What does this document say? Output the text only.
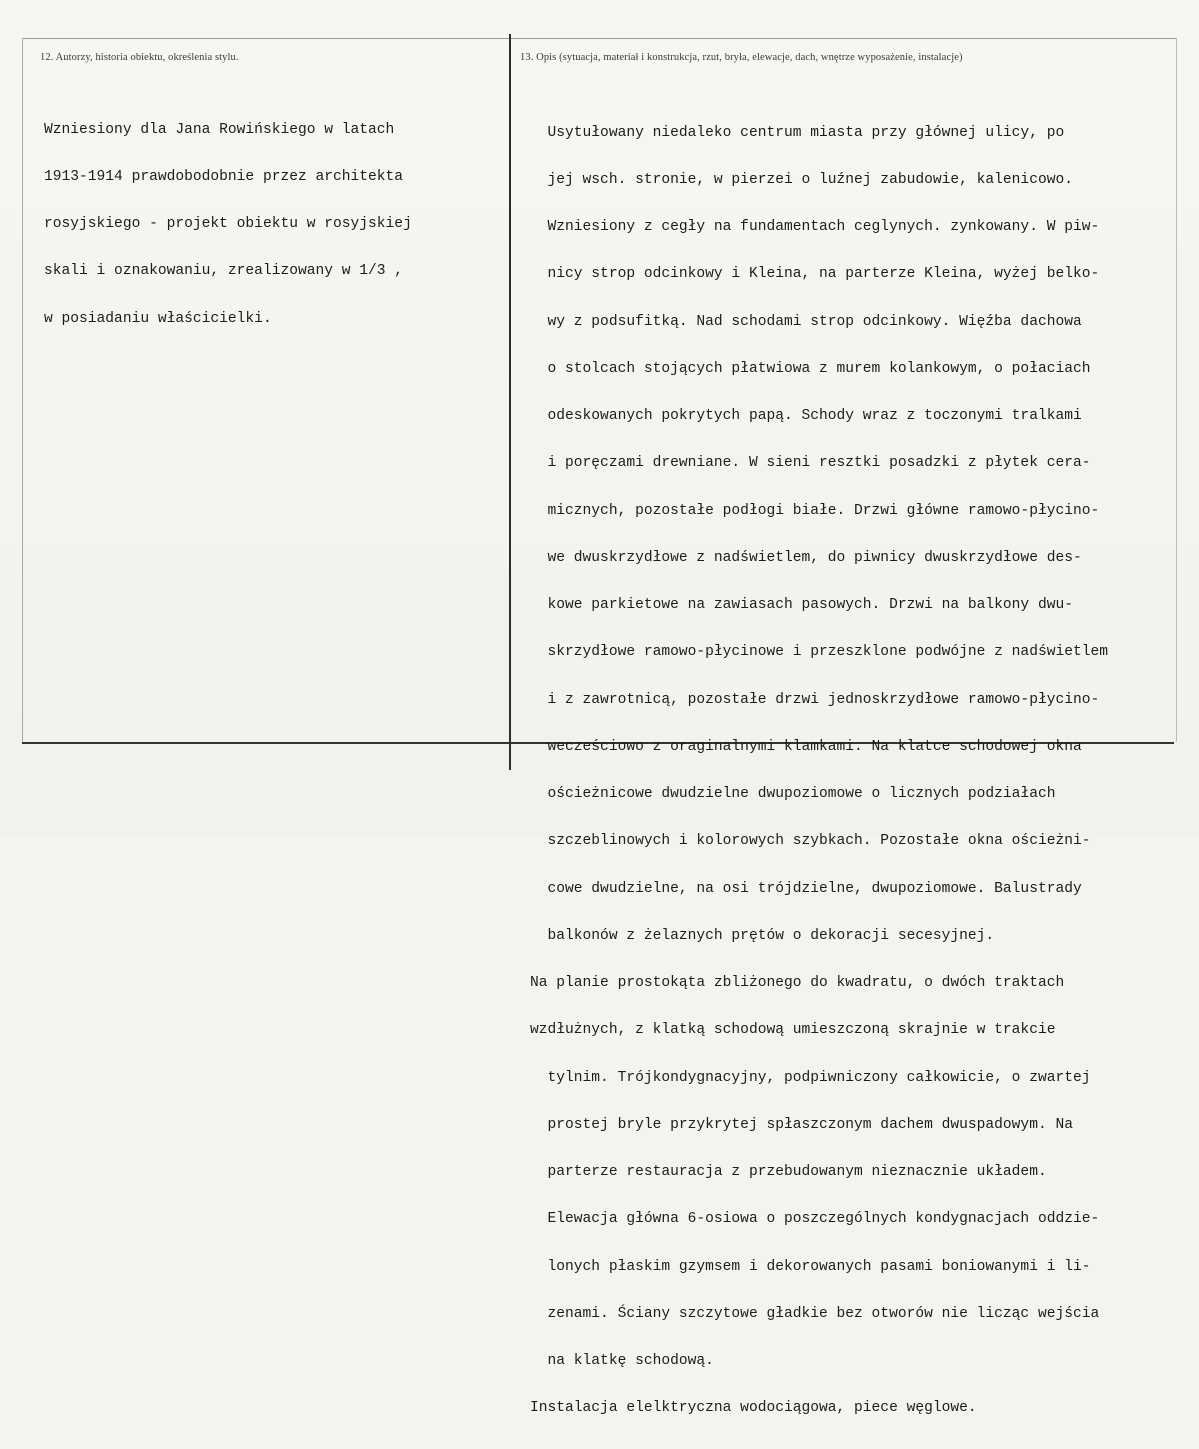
12. Autorzy, historia obiektu, określenia stylu.	13. Opis (sytuacja, materiał i konstrukcja, rzut, bryła, elewacje, dach, wnętrze wyposażenie, instalacje)

Wzniesiony dla Jana Rowińskiego w latach

1913-1914 prawdobodobnie przez architekta

rosyjskiego - projekt obiektu w rosyjskiej

skali i oznakowaniu, zrealizowany w 1/3 ,

w posiadaniu właścicielki.

Usytułowany niedaleko centrum miasta przy głównej ulicy, po

jej wsch. stronie, w pierzei o luźnej zabudowie, kalenicowo.

Wzniesiony z cegły na fundamentach ceglynych. zynkowany. W piw-

nicy strop odcinkowy i Kleina, na parterze Kleina, wyżej belko-

wy z podsufitką. Nad schodami strop odcinkowy. Więźba dachowa

o stolcach stojących płatwiowa z murem kolankowym, o połaciach

odeskowanych pokrytych papą. Schody wraz z toczonymi tralkami

i poręczami drewniane. W sieni resztki posadzki z płytek cera-

micznych, pozostałe podłogi białe. Drzwi główne ramowo-płycino-

we dwuskrzydłowe z nadświetlem, do piwnicy dwuskrzydłowe des-

kowe parkietowe na zawiasach pasowych. Drzwi na balkony dwu-

skrzydłowe ramowo-płycinowe i przeszklone podwójne z nadświetlem

i z zawrotnicą, pozostałe drzwi jednoskrzydłowe ramowo-płycino-

wecześciowo z oraginalnymi klamkami. Na klatce schodowej okna

ościeżnicowe dwudzielne dwupoziomowe o licznych podziałach

szczeblinowych i kolorowych szybkach. Pozostałe okna ościeżni-

cowe dwudzielne, na osi trójdzielne, dwupoziomowe. Balustrady

balkonów z żelaznych prętów o dekoracji secesyjnej.

Na planie prostokąta zbliżonego do kwadratu, o dwóch traktach

wzdłużnych, z klatką schodową umieszczoną skrajnie w trakcie

tylnim. Trójkondygnacyjny, podpiwniczony całkowicie, o zwartej

prostej bryle przykrytej spłaszczonym dachem dwuspadowym. Na

parterze restauracja z przebudowanym nieznacznie układem.

Elewacja główna 6-osiowa o poszczególnych kondygnacjach oddzie-

lonych płaskim gzymsem i dekorowanych pasami boniowanymi i li-

zenami. Ściany szczytowe gładkie bez otworów nie licząc wejścia

na klatkę schodową.

Instalacja elelktryczna wodociągowa, piece węglowe.
